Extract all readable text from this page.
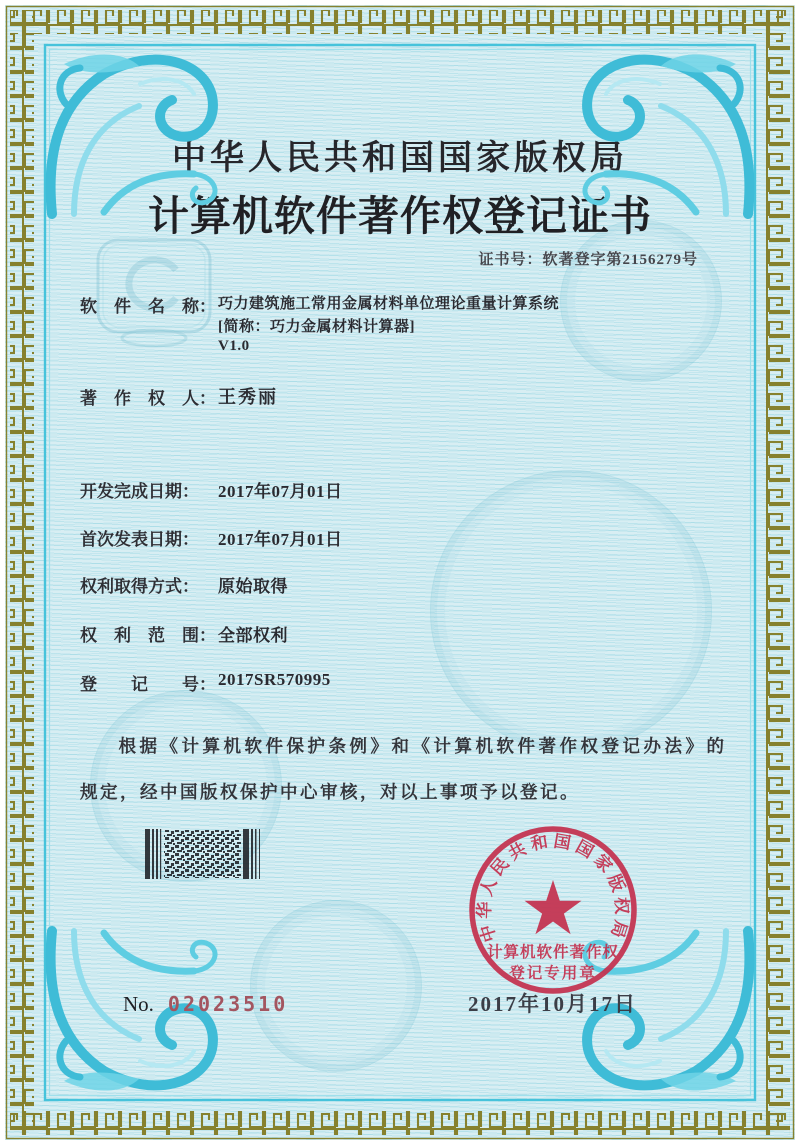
中华人民共和国国家版权局
计算机软件著作权登记证书
证书号：软著登字第2156279号
软　件　名　称： 巧力建筑施工常用金属材料单位理论重量计算系统
[简称：巧力金属材料计算器]
V1.0
著　作　权　人： 王秀丽
开发完成日期： 2017年07月01日
首次发表日期： 2017年07月01日
权利取得方式： 原始取得
权　利　范　围： 全部权利
登　　记　　号： 2017SR570995
根据《计算机软件保护条例》和《计算机软件著作权登记办法》的
规定，经中国版权保护中心审核，对以上事项予以登记。
中华人民共和国国家版权局
计算机软件著作权
登记专用章
2017年10月17日
No. 02023510
